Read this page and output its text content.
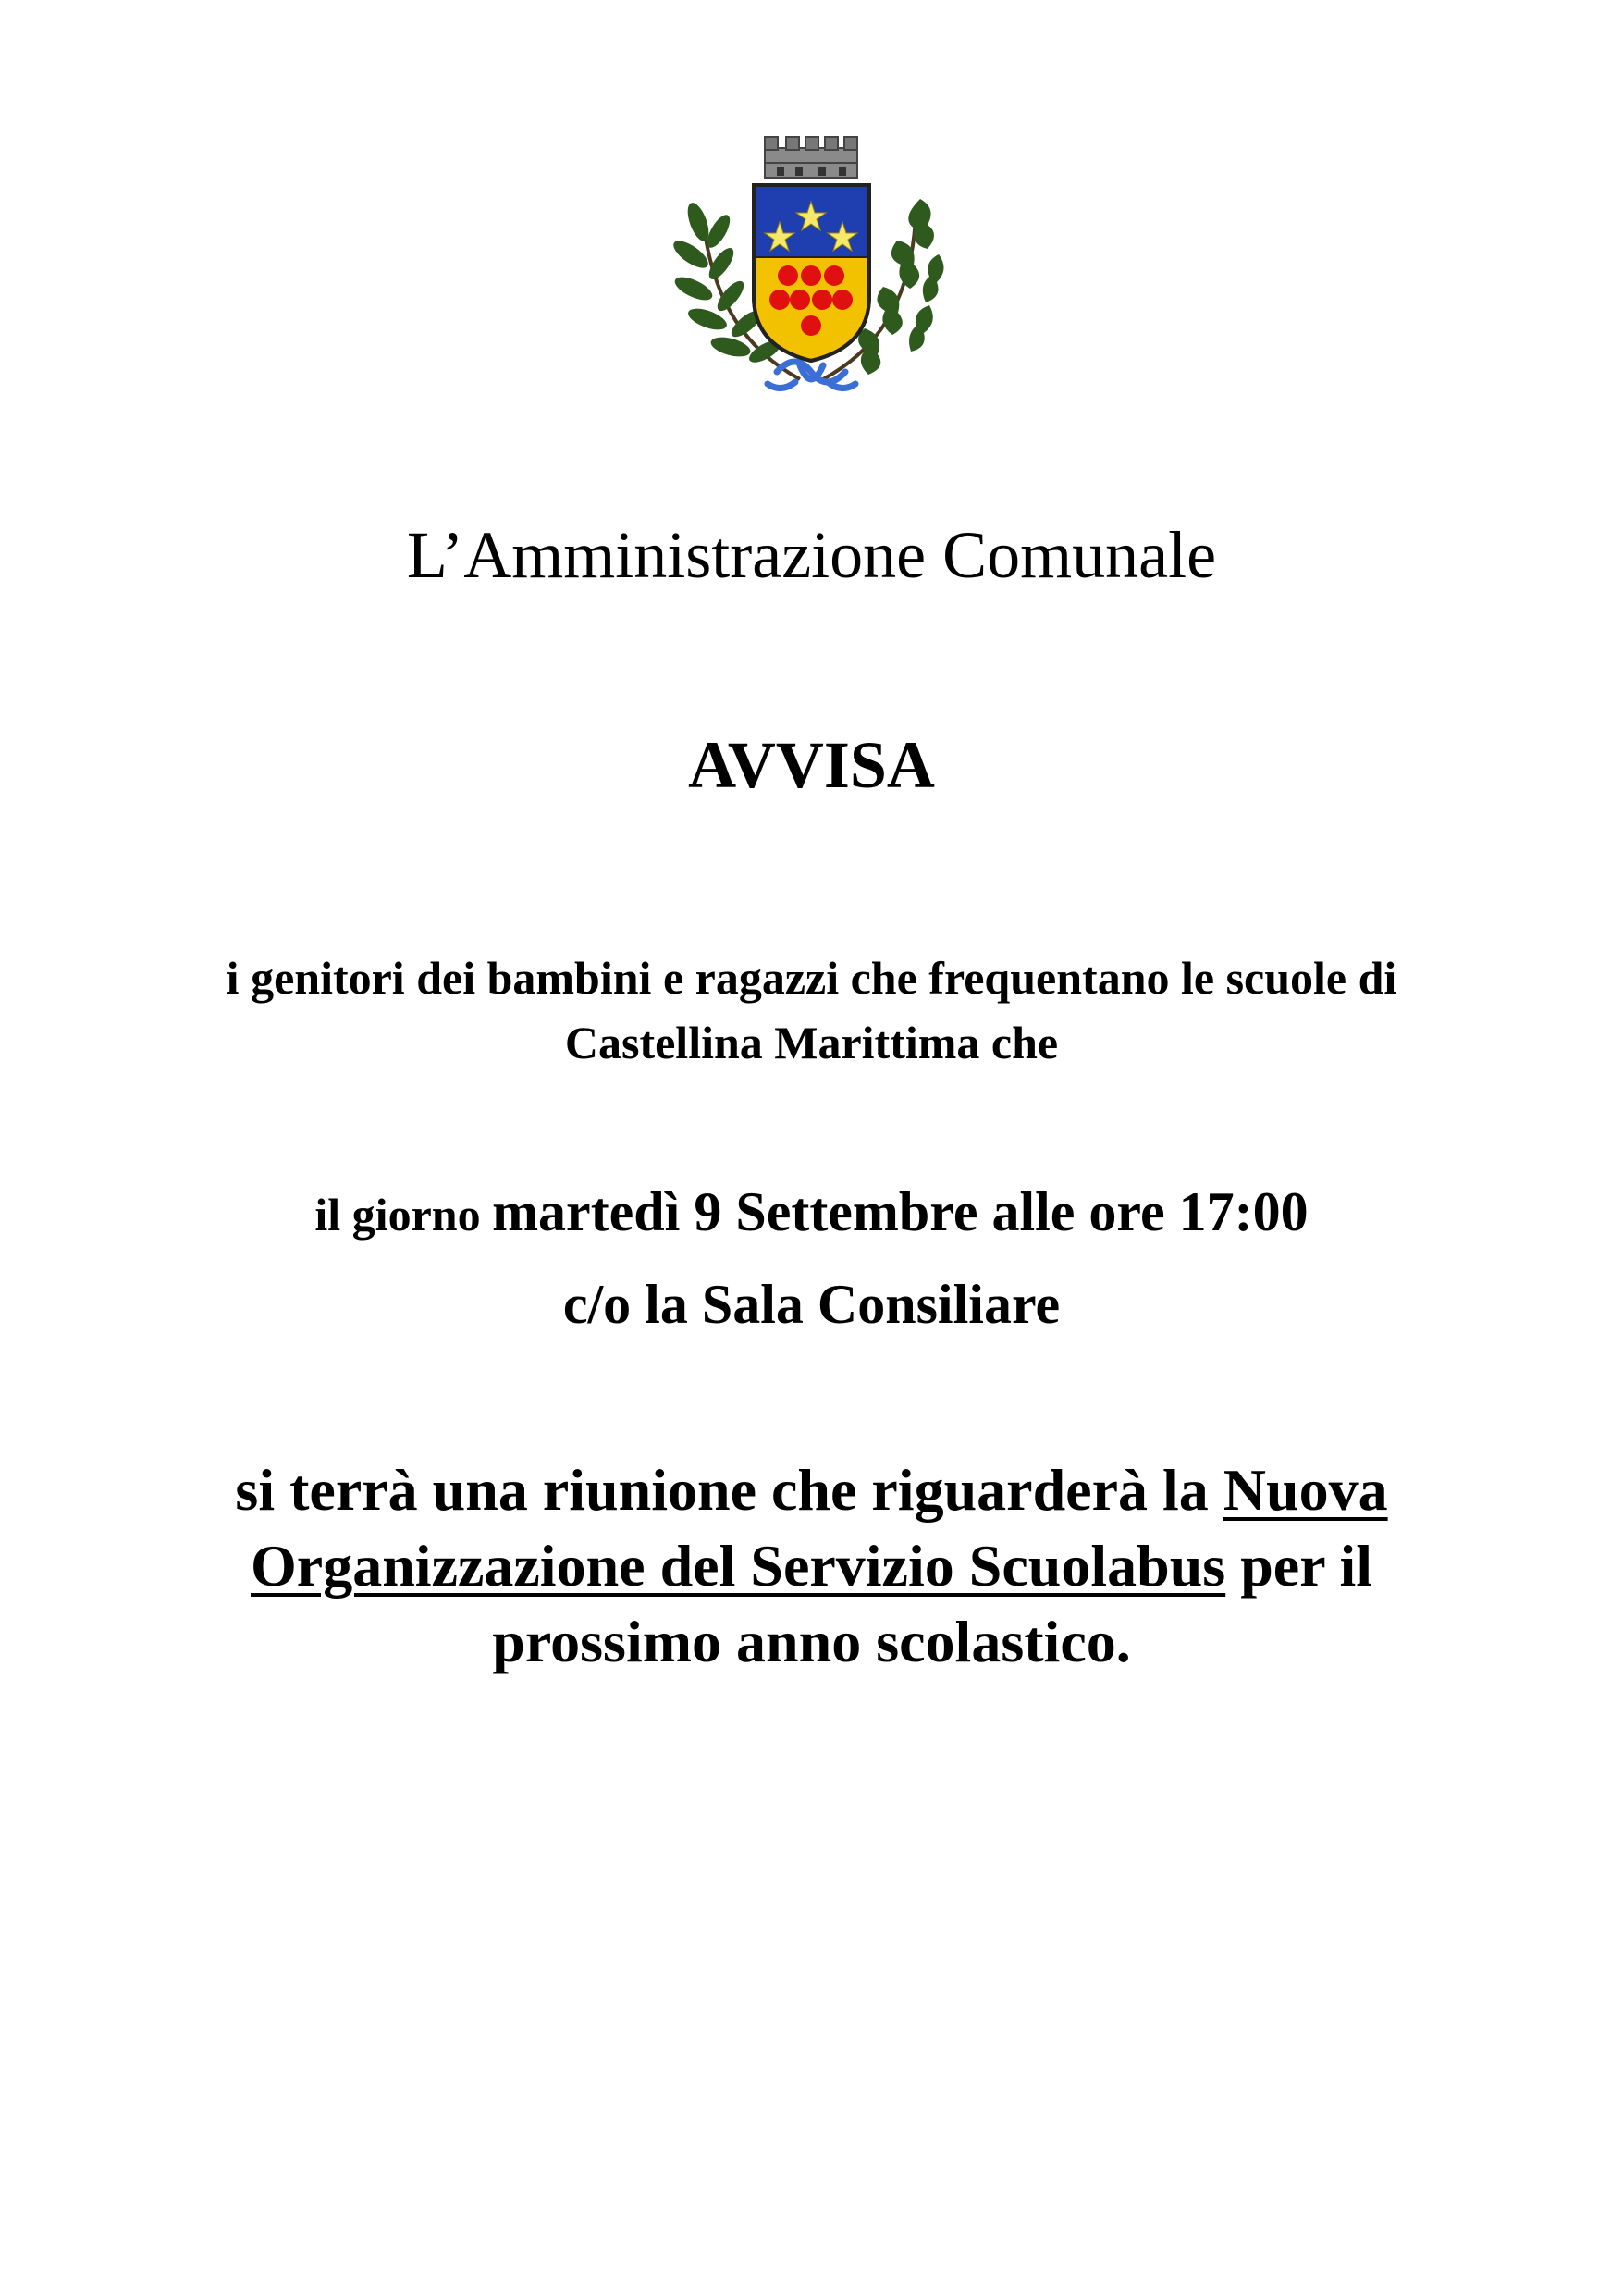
L’Amministrazione Comunale

AVVISA

i genitori dei bambini e ragazzi che frequentano le scuole di
Castellina Marittima che

il giorno martedì 9 Settembre alle ore 17:00

c/o la Sala Consiliare

si terrà una riunione che riguarderà la Nuova
Organizzazione del Servizio Scuolabus per il
prossimo anno scolastico.
